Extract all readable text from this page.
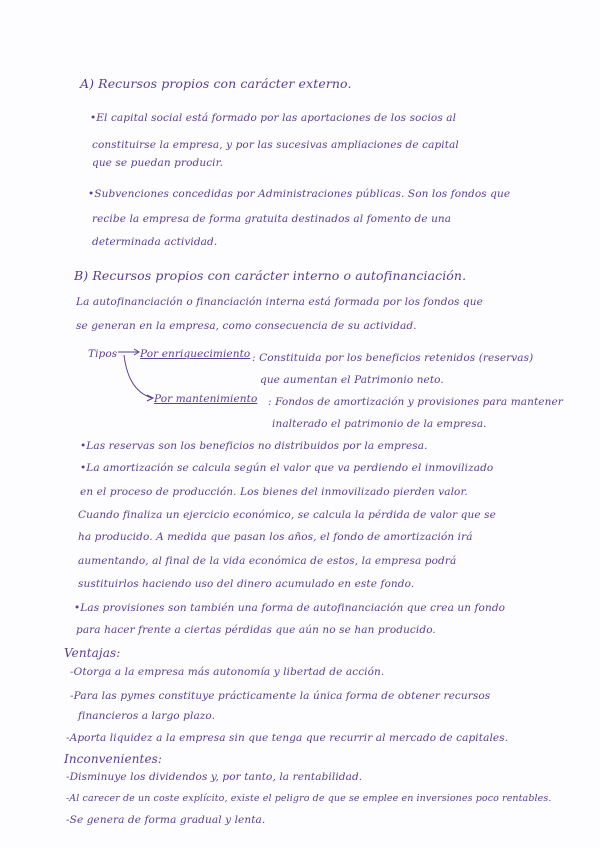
A) Recursos propios con carácter externo.
•El capital social está formado por las aportaciones de los socios al
constituirse la empresa, y por las sucesivas ampliaciones de capital
que se puedan producir.
•Subvenciones concedidas por Administraciones públicas. Son los fondos que
recibe la empresa de forma gratuita destinados al fomento de una
determinada actividad.
B) Recursos propios con carácter interno o autofinanciación.
La autofinanciación o financiación interna está formada por los fondos que
se generan en la empresa, como consecuencia de su actividad.
Tipos Por enriquecimiento : Constituida por los beneficios retenidos (reservas)
que aumentan el Patrimonio neto.
Por mantenimiento : Fondos de amortización y provisiones para mantener
inalterado el patrimonio de la empresa.
•Las reservas son los beneficios no distribuidos por la empresa.
•La amortización se calcula según el valor que va perdiendo el inmovilizado
en el proceso de producción. Los bienes del inmovilizado pierden valor.
Cuando finaliza un ejercicio económico, se calcula la pérdida de valor que se
ha producido. A medida que pasan los años, el fondo de amortización irá
aumentando, al final de la vida económica de estos, la empresa podrá
sustituirlos haciendo uso del dinero acumulado en este fondo.
•Las provisiones son también una forma de autofinanciación que crea un fondo
para hacer frente a ciertas pérdidas que aún no se han producido.
Ventajas:
-Otorga a la empresa más autonomía y libertad de acción.
-Para las pymes constituye prácticamente la única forma de obtener recursos
financieros a largo plazo.
-Aporta liquidez a la empresa sin que tenga que recurrir al mercado de capitales.
Inconvenientes:
-Disminuye los dividendos y, por tanto, la rentabilidad.
-Al carecer de un coste explícito, existe el peligro de que se emplee en inversiones poco rentables.
-Se genera de forma gradual y lenta.
